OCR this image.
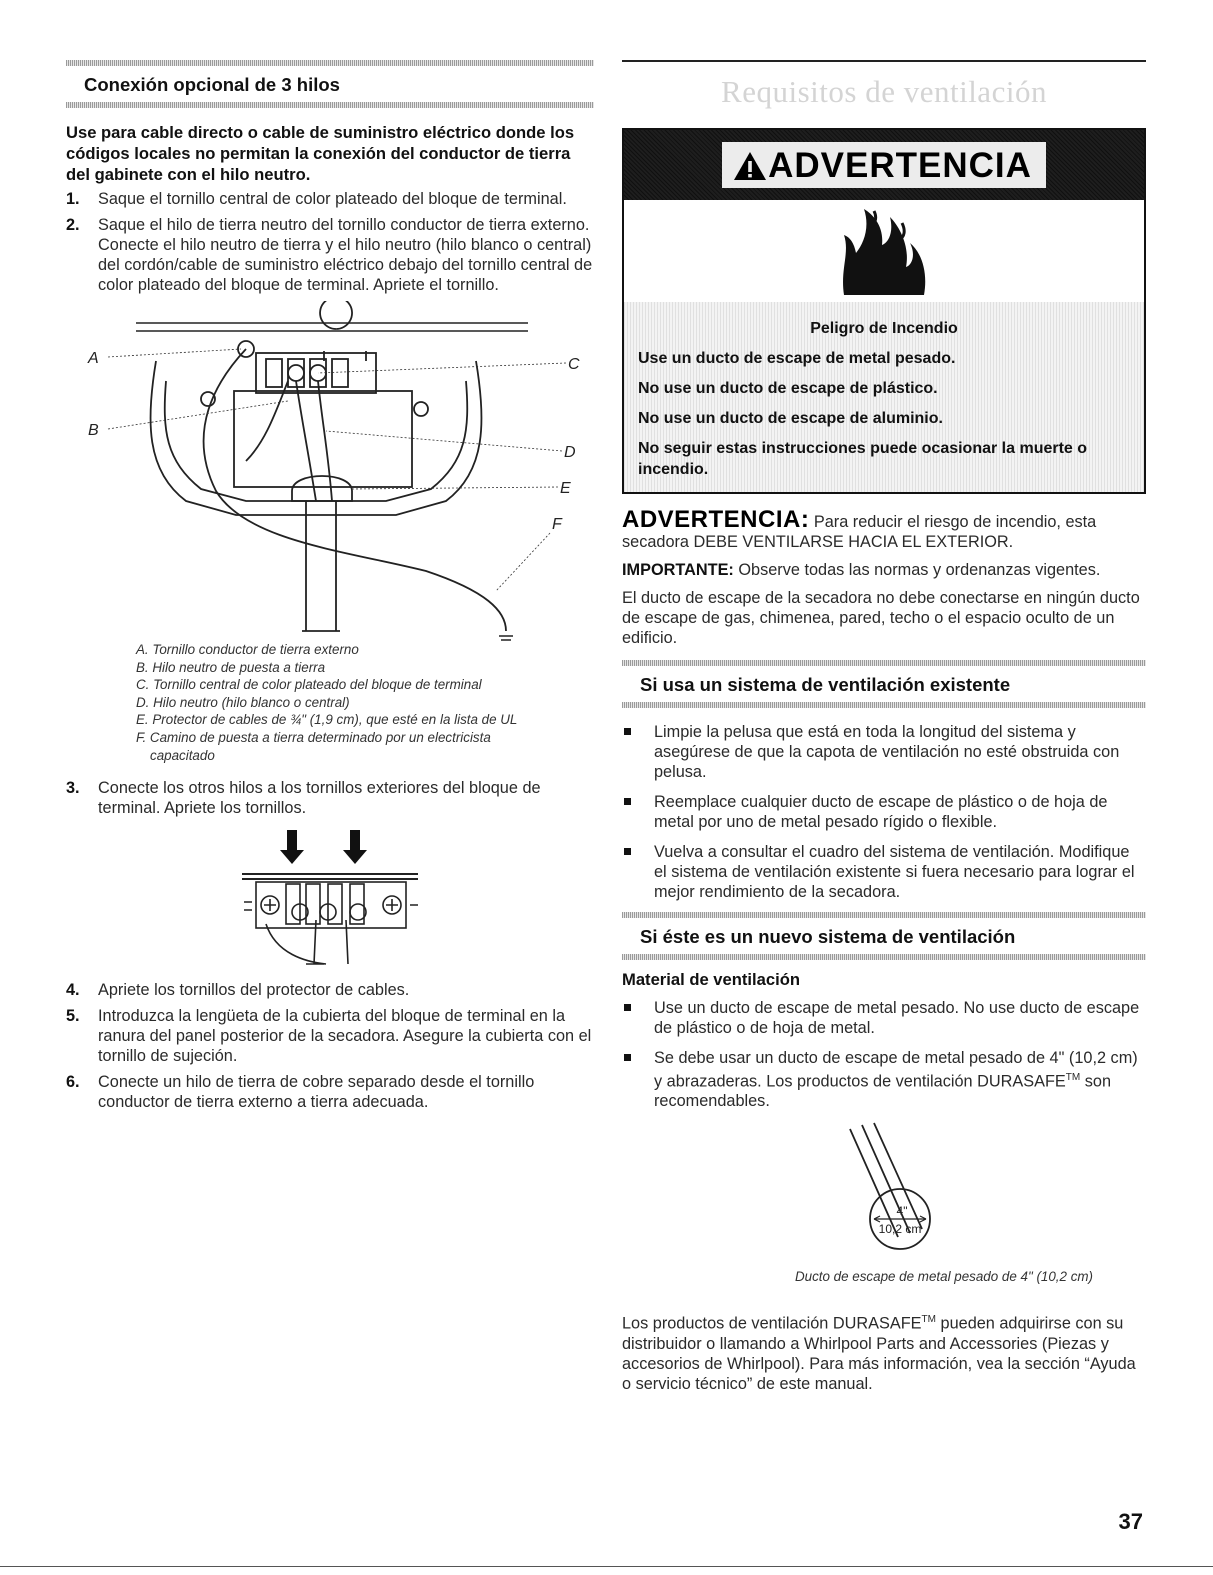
Conexión opcional de 3 hilos
Use para cable directo o cable de suministro eléctrico donde los códigos locales no permitan la conexión del conductor de tierra del gabinete con el hilo neutro.
1.	Saque el tornillo central de color plateado del bloque de terminal.
2.	Saque el hilo de tierra neutro del tornillo conductor de tierra externo. Conecte el hilo neutro de tierra y el hilo neutro (hilo blanco o central) del cordón/cable de suministro eléctrico debajo del tornillo central de color plateado del bloque de terminal. Apriete el tornillo.
A
B
C
D
E
F
A. Tornillo conductor de tierra externo
B. Hilo neutro de puesta a tierra
C. Tornillo central de color plateado del bloque de terminal
D. Hilo neutro (hilo blanco o central)
E. Protector de cables de ¾" (1,9 cm), que esté en la lista de UL
F. Camino de puesta a tierra determinado por un electricista
capacitado
3.	Conecte los otros hilos a los tornillos exteriores del bloque de terminal. Apriete los tornillos.
4.	Apriete los tornillos del protector de cables.
5.	Introduzca la lengüeta de la cubierta del bloque de terminal en la ranura del panel posterior de la secadora. Asegure la cubierta con el tornillo de sujeción.
6.	Conecte un hilo de tierra de cobre separado desde el tornillo conductor de tierra externo a tierra adecuada.
Requisitos de ventilación
ADVERTENCIA
Peligro de Incendio
Use un ducto de escape de metal pesado.
No use un ducto de escape de plástico.
No use un ducto de escape de aluminio.
No seguir estas instrucciones puede ocasionar la muerte o incendio.

ADVERTENCIA: Para reducir el riesgo de incendio, esta secadora DEBE VENTILARSE HACIA EL EXTERIOR.

IMPORTANTE: Observe todas las normas y ordenanzas vigentes.

El ducto de escape de la secadora no debe conectarse en ningún ducto de escape de gas, chimenea, pared, techo o el espacio oculto de un edificio.

Si usa un sistema de ventilación existente
Limpie la pelusa que está en toda la longitud del sistema y asegúrese de que la capota de ventilación no esté obstruida con pelusa.
Reemplace cualquier ducto de escape de plástico o de hoja de metal por uno de metal pesado rígido o flexible.
Vuelva a consultar el cuadro del sistema de ventilación. Modifique el sistema de ventilación existente si fuera necesario para lograr el mejor rendimiento de la secadora.
Si éste es un nuevo sistema de ventilación
Material de ventilación
Use un ducto de escape de metal pesado. No use ducto de escape de plástico o de hoja de metal.
Se debe usar un ducto de escape de metal pesado de 4" (10,2 cm) y abrazaderas. Los productos de ventilación DURASAFE™ son recomendables.
4"
10,2 cm
Ducto de escape de metal pesado de 4" (10,2 cm)

Los productos de ventilación DURASAFE™ pueden adquirirse con su distribuidor o llamando a Whirlpool Parts and Accessories (Piezas y accesorios de Whirlpool). Para más información, vea la sección “Ayuda o servicio técnico” de este manual.

37
